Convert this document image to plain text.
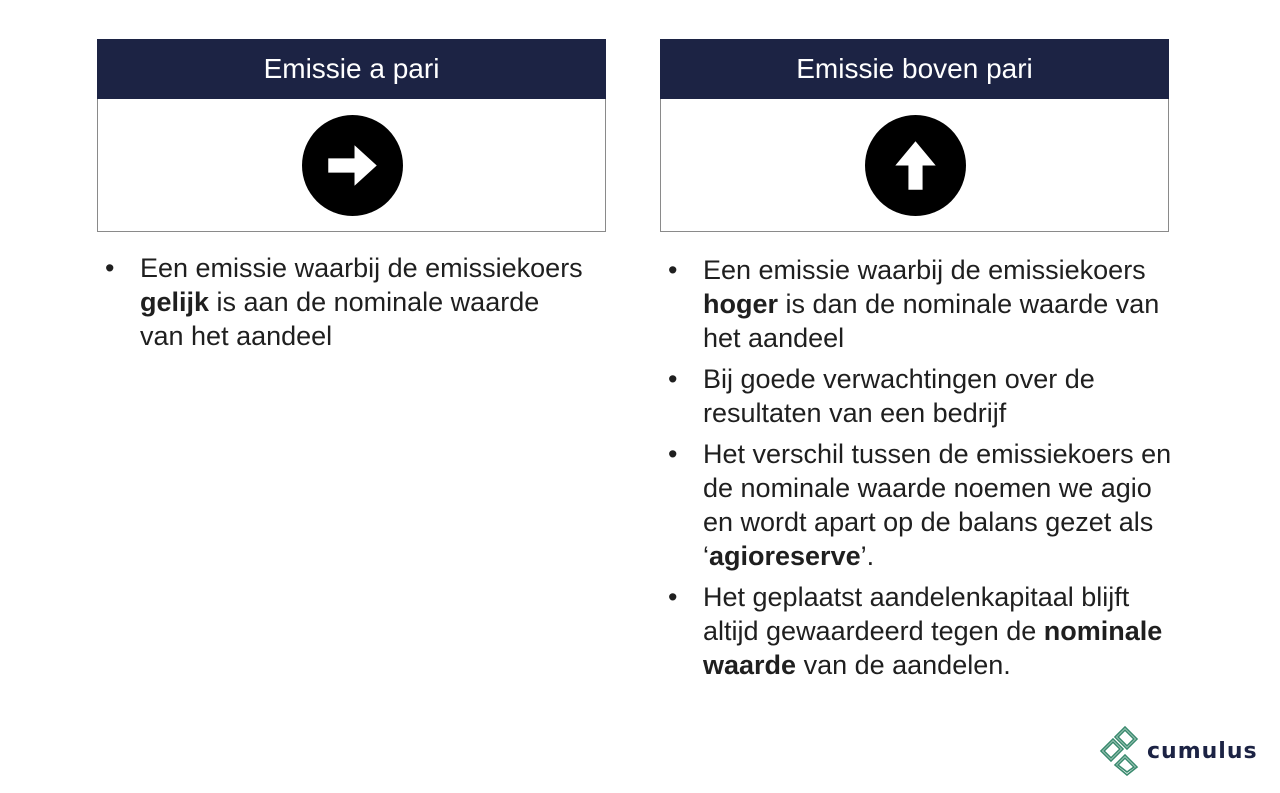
Emissie a pari	Emissie boven pari
• Een emissie waarbij de emissiekoers gelijk is aan de nominale waarde van het aandeel
• Een emissie waarbij de emissiekoers hoger is dan de nominale waarde van het aandeel
• Bij goede verwachtingen over de resultaten van een bedrijf
• Het verschil tussen de emissiekoers en de nominale waarde noemen we agio en wordt apart op de balans gezet als ‘agioreserve’.
• Het geplaatst aandelenkapitaal blijft altijd gewaardeerd tegen de nominale waarde van de aandelen.
cumulus
